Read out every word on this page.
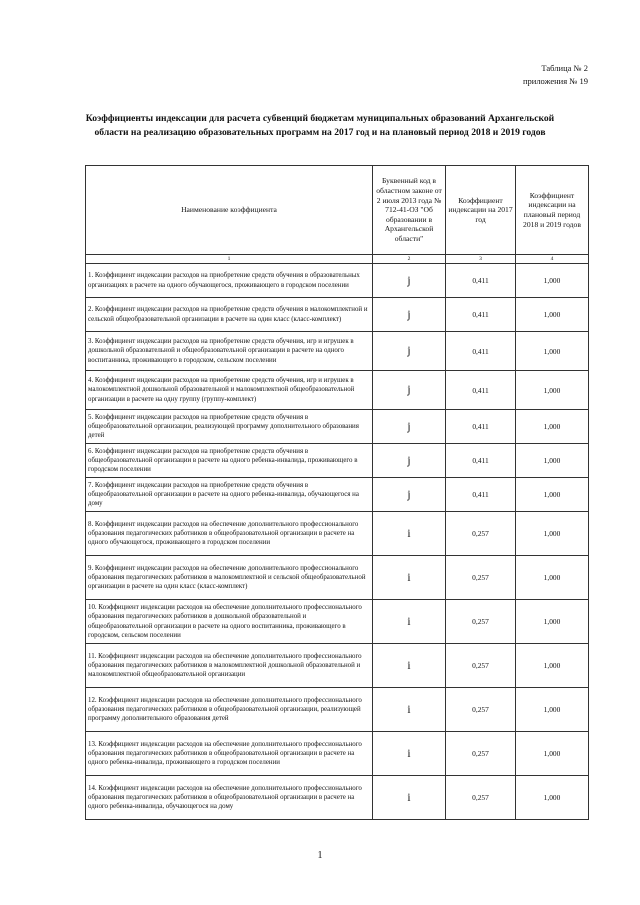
Таблица № 2
приложения № 19
Коэффициенты индексации для расчета субвенций бюджетам муниципальных образований Архангельской области на реализацию образовательных программ на 2017 год и на плановый период 2018 и 2019 годов
Наименование коэффициента	Буквенный код в областном законе от 2 июля 2013 года № 712-41-ОЗ "Об образовании в Архангельской области"	Коэффициент индексации на 2017 год	Коэффициент индексации на плановый период 2018 и 2019 годов
1	2	3	4
1. Коэффициент индексации расходов на приобретение средств обучения в образовательных организациях в расчете на одного обучающегося, проживающего в городском поселении	j	0,411	1,000
2. Коэффициент индексации расходов на приобретение средств обучения в малокомплектной и сельской общеобразовательной организации в расчете на один класс (класс-комплект)	j	0,411	1,000
3. Коэффициент индексации расходов на приобретение средств обучения, игр и игрушек в дошкольной образовательной и общеобразовательной организации в расчете на одного воспитанника, проживающего в городском, сельском поселении	j	0,411	1,000
4. Коэффициент индексации расходов на приобретение средств обучения, игр и игрушек в малокомплектной дошкольной образовательной и малокомплектной общеобразовательной организации в расчете на одну группу (группу-комплект)	j	0,411	1,000
5. Коэффициент индексации расходов на приобретение средств обучения в общеобразовательной организации, реализующей программу дополнительного образования детей	j	0,411	1,000
6. Коэффициент индексации расходов на приобретение средств обучения в общеобразовательной организации в расчете на одного ребенка-инвалида, проживающего в городском поселении	j	0,411	1,000
7. Коэффициент индексации расходов на приобретение средств обучения в общеобразовательной организации в расчете на одного ребенка-инвалида, обучающегося на дому	j	0,411	1,000
8. Коэффициент индексации расходов на обеспечение дополнительного профессионального образования педагогических работников в общеобразовательной организации в расчете на одного обучающегося, проживающего в городском поселении	i	0,257	1,000
9. Коэффициент индексации расходов на обеспечение дополнительного профессионального образования педагогических работников в малокомплектной и сельской общеобразовательной организации в расчете на один класс (класс-комплект)	i	0,257	1,000
10. Коэффициент индексации расходов на обеспечение дополнительного профессионального образования педагогических работников в дошкольной образовательной и общеобразовательной организации в расчете на одного воспитанника, проживающего в городском, сельском поселении	i	0,257	1,000
11. Коэффициент индексации расходов на обеспечение дополнительного профессионального образования педагогических работников в малокомплектной дошкольной образовательной и малокомплектной общеобразовательной организации	i	0,257	1,000
12. Коэффициент индексации расходов на обеспечение дополнительного профессионального образования педагогических работников в общеобразовательной организации, реализующей программу дополнительного образования детей	i	0,257	1,000
13. Коэффициент индексации расходов на обеспечение дополнительного профессионального образования педагогических работников в общеобразовательной организации в расчете на одного ребенка-инвалида, проживающего в городском поселении	i	0,257	1,000
14. Коэффициент индексации расходов на обеспечение дополнительного профессионального образования педагогических работников в общеобразовательной организации в расчете на одного ребенка-инвалида, обучающегося на дому	i	0,257	1,000
1
